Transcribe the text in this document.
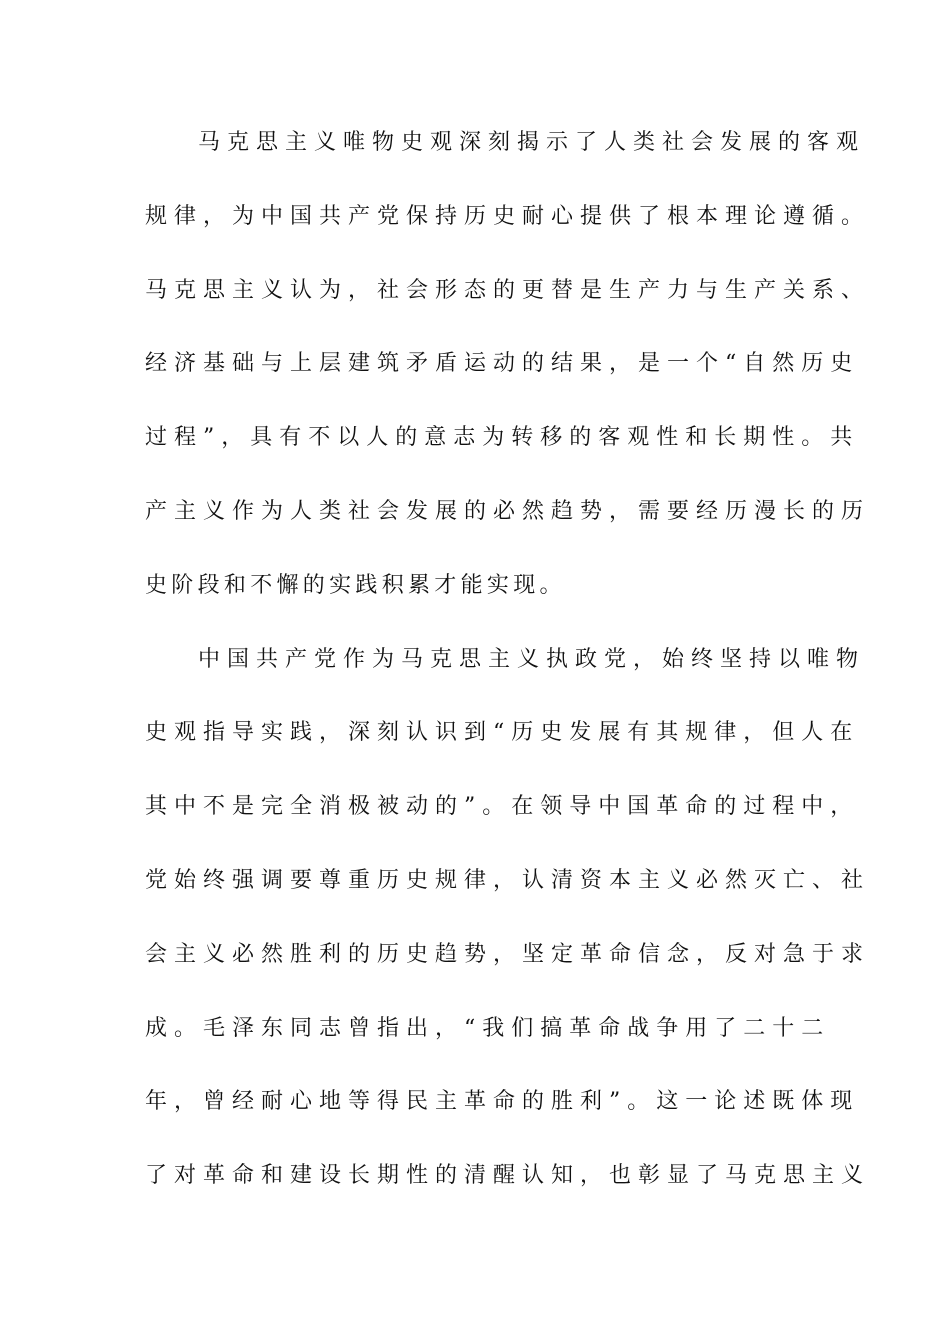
马 克 思 主 义 唯 物 史 观 深 刻 揭 示 了 人 类 社 会 发 展 的 客 观
规 律 ， 为 中 国 共 产 党 保 持 历 史 耐 心 提 供 了 根 本 理 论 遵 循 。
马 克 思 主 义 认 为 ， 社 会 形 态 的 更 替 是 生 产 力 与 生 产 关 系 、
经 济 基 础 与 上 层 建 筑 矛 盾 运 动 的 结 果 ， 是 一 个 “ 自 然 历 史
过 程 ” ， 具 有 不 以 人 的 意 志 为 转 移 的 客 观 性 和 长 期 性 。 共
产 主 义 作 为 人 类 社 会 发 展 的 必 然 趋 势 ， 需 要 经 历 漫 长 的 历
史阶段和不懈的实践积累才能实现。
中 国 共 产 党 作 为 马 克 思 主 义 执 政 党 ， 始 终 坚 持 以 唯 物
史 观 指 导 实 践 ， 深 刻 认 识 到 “ 历 史 发 展 有 其 规 律 ， 但 人 在
其 中 不 是 完 全 消 极 被 动 的 ” 。 在 领 导 中 国 革 命 的 过 程 中 ，
党 始 终 强 调 要 尊 重 历 史 规 律 ， 认 清 资 本 主 义 必 然 灭 亡 、 社
会 主 义 必 然 胜 利 的 历 史 趋 势 ， 坚 定 革 命 信 念 ， 反 对 急 于 求
成 。 毛 泽 东 同 志 曾 指 出 ， “ 我 们 搞 革 命 战 争 用 了 二 十 二
年 ， 曾 经 耐 心 地 等 得 民 主 革 命 的 胜 利 ” 。 这 一 论 述 既 体 现
了 对 革 命 和 建 设 长 期 性 的 清 醒 认 知 ， 也 彰 显 了 马 克 思 主 义
